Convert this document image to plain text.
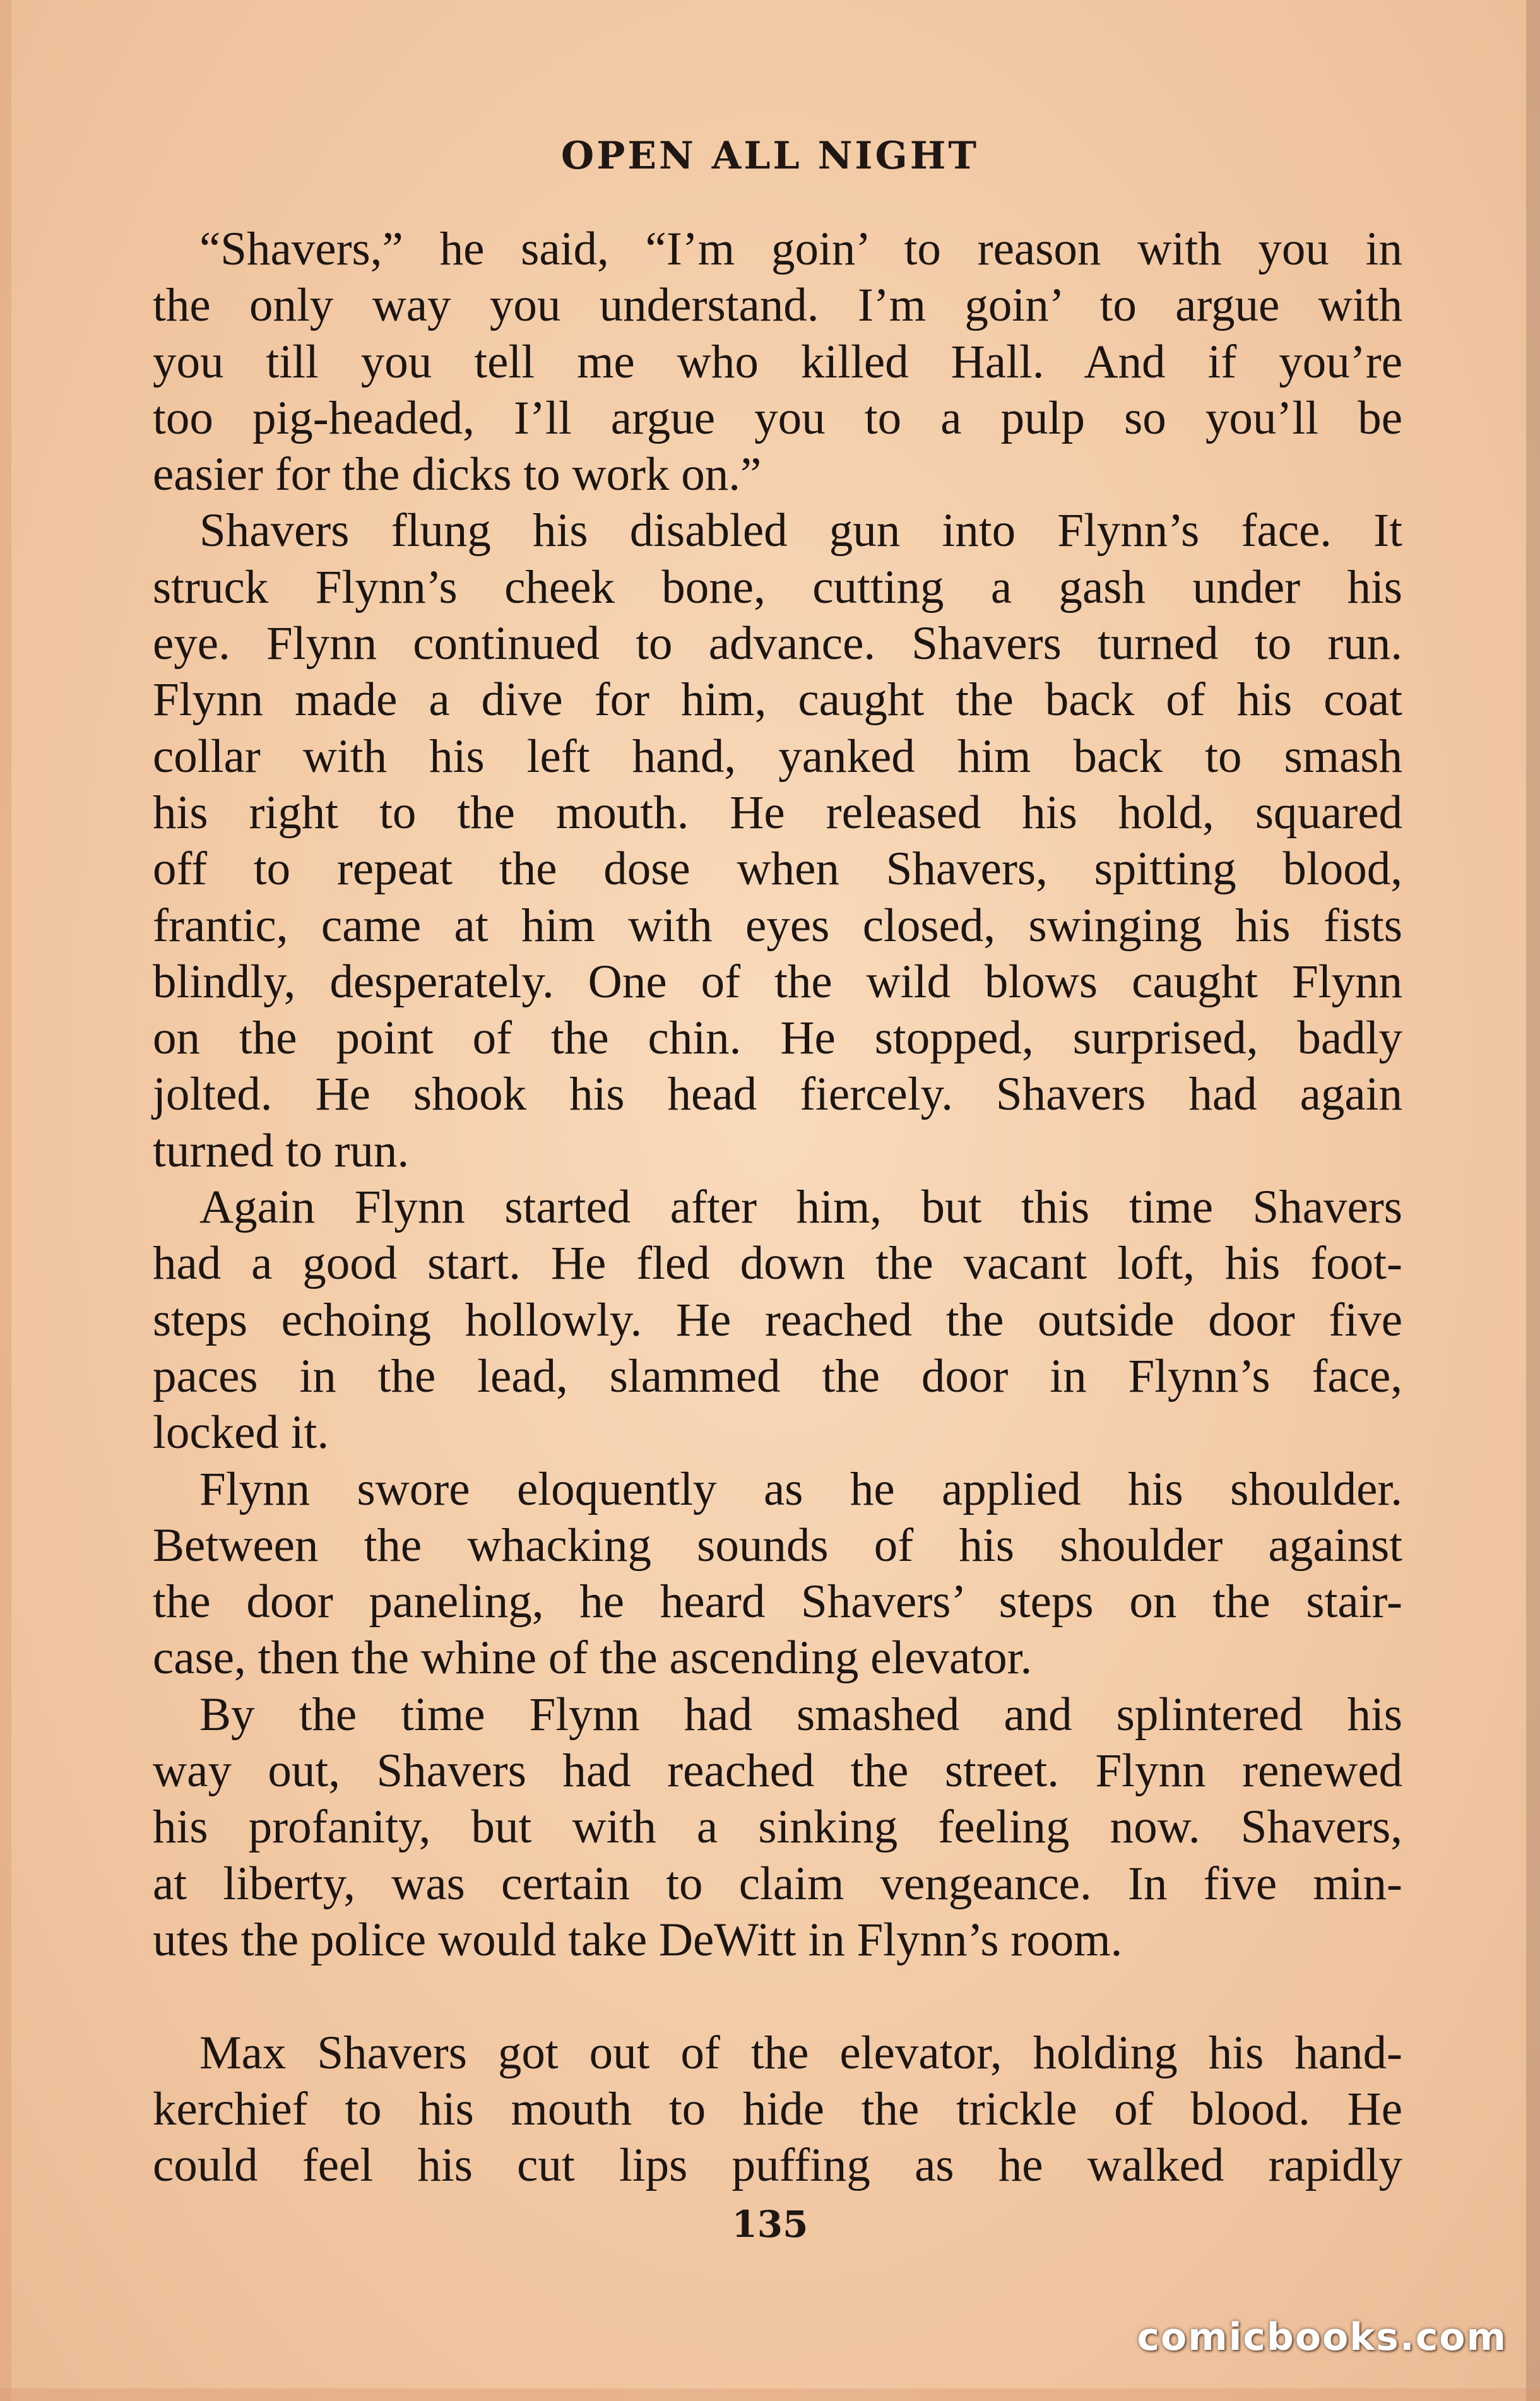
OPEN ALL NIGHT
“Shavers,” he said, “I’m goin’ to reason with you in
the only way you understand. I’m goin’ to argue with
you till you tell me who killed Hall. And if you’re
too pig-headed, I’ll argue you to a pulp so you’ll be
easier for the dicks to work on.”
Shavers flung his disabled gun into Flynn’s face. It
struck Flynn’s cheek bone, cutting a gash under his
eye. Flynn continued to advance. Shavers turned to run.
Flynn made a dive for him, caught the back of his coat
collar with his left hand, yanked him back to smash
his right to the mouth. He released his hold, squared
off to repeat the dose when Shavers, spitting blood,
frantic, came at him with eyes closed, swinging his fists
blindly, desperately. One of the wild blows caught Flynn
on the point of the chin. He stopped, surprised, badly
jolted. He shook his head fiercely. Shavers had again
turned to run.
Again Flynn started after him, but this time Shavers
had a good start. He fled down the vacant loft, his foot-
steps echoing hollowly. He reached the outside door five
paces in the lead, slammed the door in Flynn’s face,
locked it.
Flynn swore eloquently as he applied his shoulder.
Between the whacking sounds of his shoulder against
the door paneling, he heard Shavers’ steps on the stair-
case, then the whine of the ascending elevator.
By the time Flynn had smashed and splintered his
way out, Shavers had reached the street. Flynn renewed
his profanity, but with a sinking feeling now. Shavers,
at liberty, was certain to claim vengeance. In five min-
utes the police would take DeWitt in Flynn’s room.
Max Shavers got out of the elevator, holding his hand-
kerchief to his mouth to hide the trickle of blood. He
could feel his cut lips puffing as he walked rapidly
135
comicbooks.com
